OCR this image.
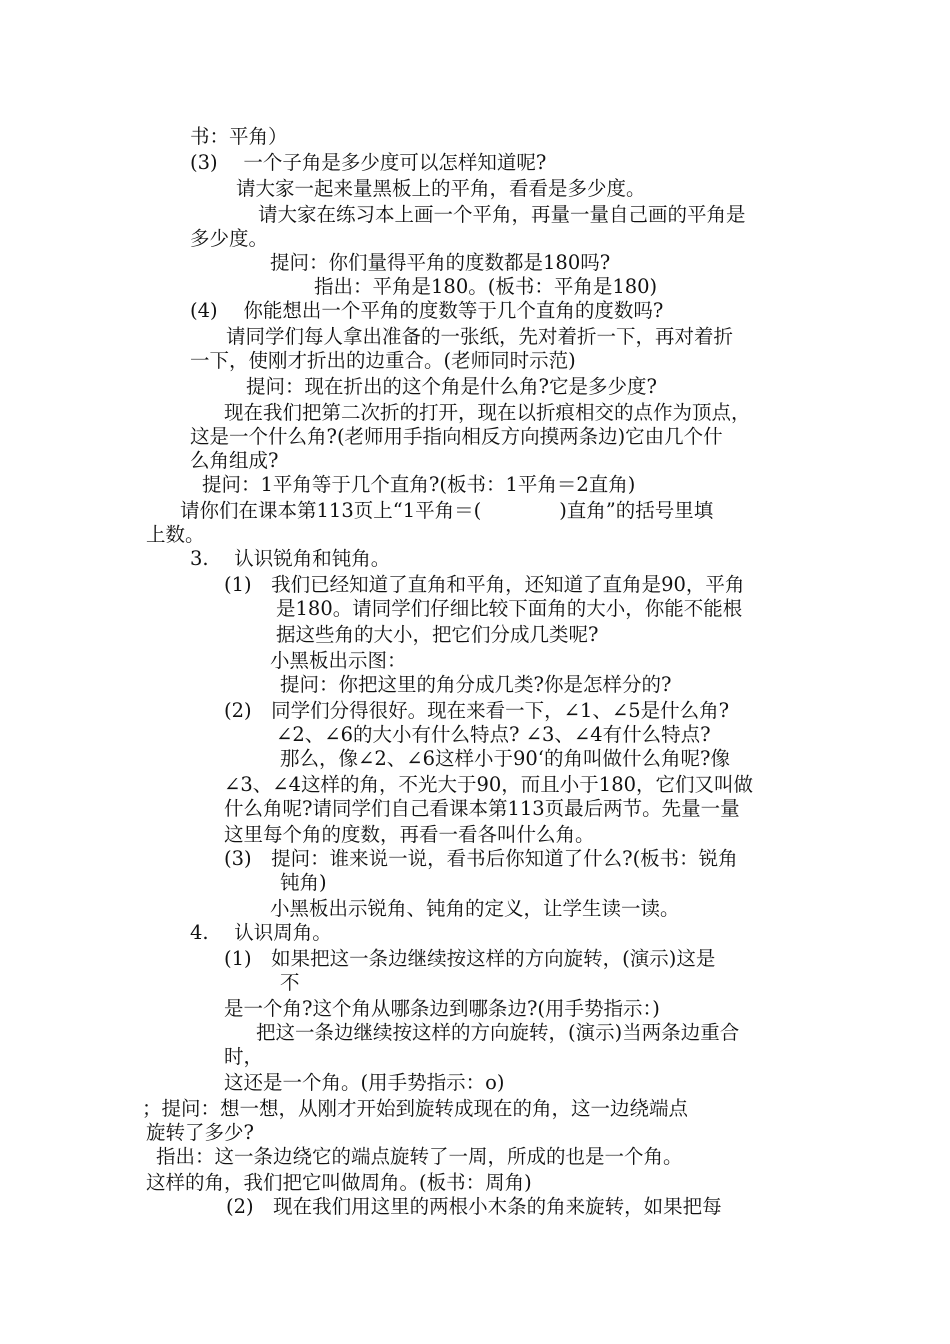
书：平角）
(3)　 一个子角是多少度可以怎样知道呢?
请大家一起来量黑板上的平角，看看是多少度。
请大家在练习本上画一个平角，再量一量自己画的平角是
多少度。
提问：你们量得平角的度数都是180吗?
指出：平角是180。(板书：平角是180)
(4)　 你能想出一个平角的度数等于几个直角的度数吗?
请同学们每人拿出准备的一张纸，先对着折一下，再对着折
一下，使刚才折出的边重合。(老师同时示范)
提问：现在折出的这个角是什么角?它是多少度?
现在我们把第二次折的打开，现在以折痕相交的点作为顶点，
这是一个什么角?(老师用手指向相反方向摸两条边)它由几个什
么角组成?
提问：1平角等于几个直角?(板书：1平角＝2直角)
请你们在课本第113页上“1平角＝(　　　　)直角”的括号里填
上数。
3.　 认识锐角和钝角。
(1)　我们已经知道了直角和平角，还知道了直角是90，平角
是180。请同学们仔细比较下面角的大小，你能不能根
据这些角的大小，把它们分成几类呢?
小黑板出示图：
提问：你把这里的角分成几类?你是怎样分的?
(2)　同学们分得很好。现在来看一下，∠1、∠5是什么角?
∠2、∠6的大小有什么特点? ∠3、∠4有什么特点?
那么，像∠2、∠6这样小于90‘的角叫做什么角呢?像
∠3、∠4这样的角，不光大于90，而且小于180，它们又叫做
什么角呢?请同学们自己看课本第113页最后两节。先量一量
这里每个角的度数，再看一看各叫什么角。
(3)　提问：谁来说一说，看书后你知道了什么?(板书：锐角
钝角)
小黑板出示锐角、钝角的定义，让学生读一读。
4.　 认识周角。
(1)　如果把这一条边继续按这样的方向旋转，(演示)这是
不
是一个角?这个角从哪条边到哪条边?(用手势指示：)
把这一条边继续按这样的方向旋转，(演示)当两条边重合
时，
这还是一个角。(用手势指示：o)
；提问：想一想，从刚才开始到旋转成现在的角，这一边绕端点
旋转了多少?
指出：这一条边绕它的端点旋转了一周，所成的也是一个角。
这样的角，我们把它叫做周角。(板书：周角)
(2)　现在我们用这里的两根小木条的角来旋转，如果把每
